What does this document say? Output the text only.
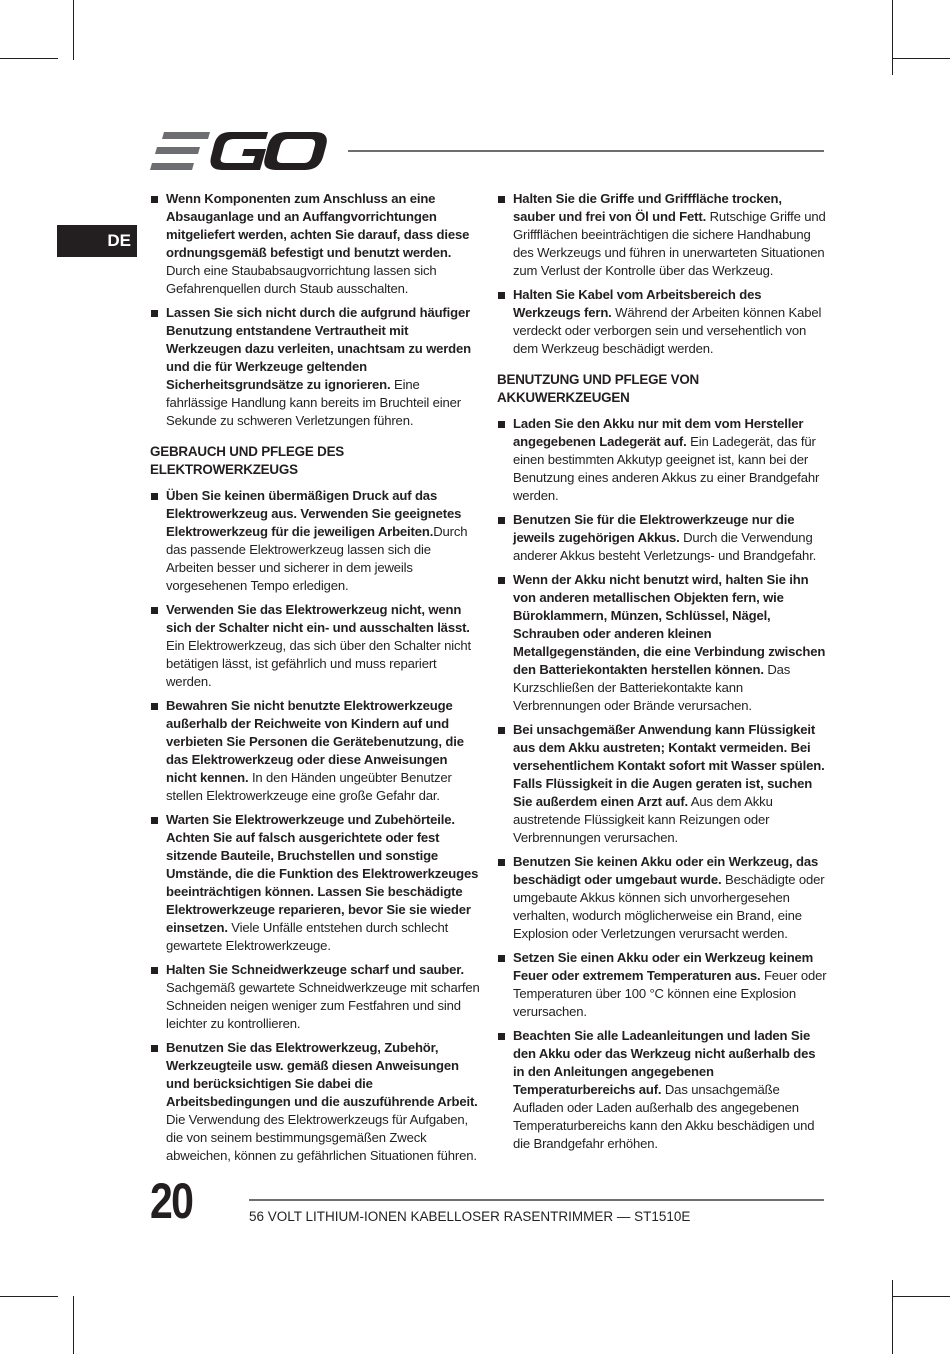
DE
Wenn Komponenten zum Anschluss an eine Absauganlage und an Auffangvorrichtungen mitgeliefert werden, achten Sie darauf, dass diese ordnungsgemäß befestigt und benutzt werden. Durch eine Staubabsaugvorrichtung lassen sich Gefahrenquellen durch Staub ausschalten.
Lassen Sie sich nicht durch die aufgrund häufiger Benutzung entstandene Vertrautheit mit Werkzeugen dazu verleiten, unachtsam zu werden und die für Werkzeuge geltenden Sicherheitsgrundsätze zu ignorieren. Eine fahrlässige Handlung kann bereits im Bruchteil einer Sekunde zu schweren Verletzungen führen.
GEBRAUCH UND PFLEGE DES ELEKTROWERKZEUGS
Üben Sie keinen übermäßigen Druck auf das Elektrowerkzeug aus. Verwenden Sie geeignetes Elektrowerkzeug für die jeweiligen Arbeiten.Durch das passende Elektrowerkzeug lassen sich die Arbeiten besser und sicherer in dem jeweils vorgesehenen Tempo erledigen.
Verwenden Sie das Elektrowerkzeug nicht, wenn sich der Schalter nicht ein- und ausschalten lässt. Ein Elektrowerkzeug, das sich über den Schalter nicht betätigen lässt, ist gefährlich und muss repariert werden.
Bewahren Sie nicht benutzte Elektrowerkzeuge außerhalb der Reichweite von Kindern auf und verbieten Sie Personen die Gerätebenutzung, die das Elektrowerkzeug oder diese Anweisungen nicht kennen. In den Händen ungeübter Benutzer stellen Elektrowerkzeuge eine große Gefahr dar.
Warten Sie Elektrowerkzeuge und Zubehörteile. Achten Sie auf falsch ausgerichtete oder fest sitzende Bauteile, Bruchstellen und sonstige Umstände, die die Funktion des Elektrowerkzeuges beeinträchtigen können. Lassen Sie beschädigte Elektrowerkzeuge reparieren, bevor Sie sie wieder einsetzen. Viele Unfälle entstehen durch schlecht gewartete Elektrowerkzeuge.
Halten Sie Schneidwerkzeuge scharf und sauber. Sachgemäß gewartete Schneidwerkzeuge mit scharfen Schneiden neigen weniger zum Festfahren und sind leichter zu kontrollieren.
Benutzen Sie das Elektrowerkzeug, Zubehör, Werkzeugteile usw. gemäß diesen Anweisungen und berücksichtigen Sie dabei die Arbeitsbedingungen und die auszuführende Arbeit. Die Verwendung des Elektrowerkzeugs für Aufgaben, die von seinem bestimmungsgemäßen Zweck abweichen, können zu gefährlichen Situationen führen.
Halten Sie die Griffe und Grifffläche trocken, sauber und frei von Öl und Fett. Rutschige Griffe und Griffflächen beeinträchtigen die sichere Handhabung des Werkzeugs und führen in unerwarteten Situationen zum Verlust der Kontrolle über das Werkzeug.
Halten Sie Kabel vom Arbeitsbereich des Werkzeugs fern. Während der Arbeiten können Kabel verdeckt oder verborgen sein und versehentlich von dem Werkzeug beschädigt werden.
BENUTZUNG UND PFLEGE VON AKKUWERKZEUGEN
Laden Sie den Akku nur mit dem vom Hersteller angegebenen Ladegerät auf. Ein Ladegerät, das für einen bestimmten Akkutyp geeignet ist, kann bei der Benutzung eines anderen Akkus zu einer Brandgefahr werden.
Benutzen Sie für die Elektrowerkzeuge nur die jeweils zugehörigen Akkus. Durch die Verwendung anderer Akkus besteht Verletzungs- und Brandgefahr.
Wenn der Akku nicht benutzt wird, halten Sie ihn von anderen metallischen Objekten fern, wie Büroklammern, Münzen, Schlüssel, Nägel, Schrauben oder anderen kleinen Metallgegenständen, die eine Verbindung zwischen den Batteriekontakten herstellen können. Das Kurzschließen der Batteriekontakte kann Verbrennungen oder Brände verursachen.
Bei unsachgemäßer Anwendung kann Flüssigkeit aus dem Akku austreten; Kontakt vermeiden. Bei versehentlichem Kontakt sofort mit Wasser spülen. Falls Flüssigkeit in die Augen geraten ist, suchen Sie außerdem einen Arzt auf. Aus dem Akku austretende Flüssigkeit kann Reizungen oder Verbrennungen verursachen.
Benutzen Sie keinen Akku oder ein Werkzeug, das beschädigt oder umgebaut wurde. Beschädigte oder umgebaute Akkus können sich unvorhergesehen verhalten, wodurch möglicherweise ein Brand, eine Explosion oder Verletzungen verursacht werden.
Setzen Sie einen Akku oder ein Werkzeug keinem Feuer oder extremem Temperaturen aus. Feuer oder Temperaturen über 100 °C können eine Explosion verursachen.
Beachten Sie alle Ladeanleitungen und laden Sie den Akku oder das Werkzeug nicht außerhalb des in den Anleitungen angegebenen Temperaturbereichs auf. Das unsachgemäße Aufladen oder Laden außerhalb des angegebenen Temperaturbereichs kann den Akku beschädigen und die Brandgefahr erhöhen.
20	56 VOLT LITHIUM-IONEN KABELLOSER RASENTRIMMER — ST1510E
